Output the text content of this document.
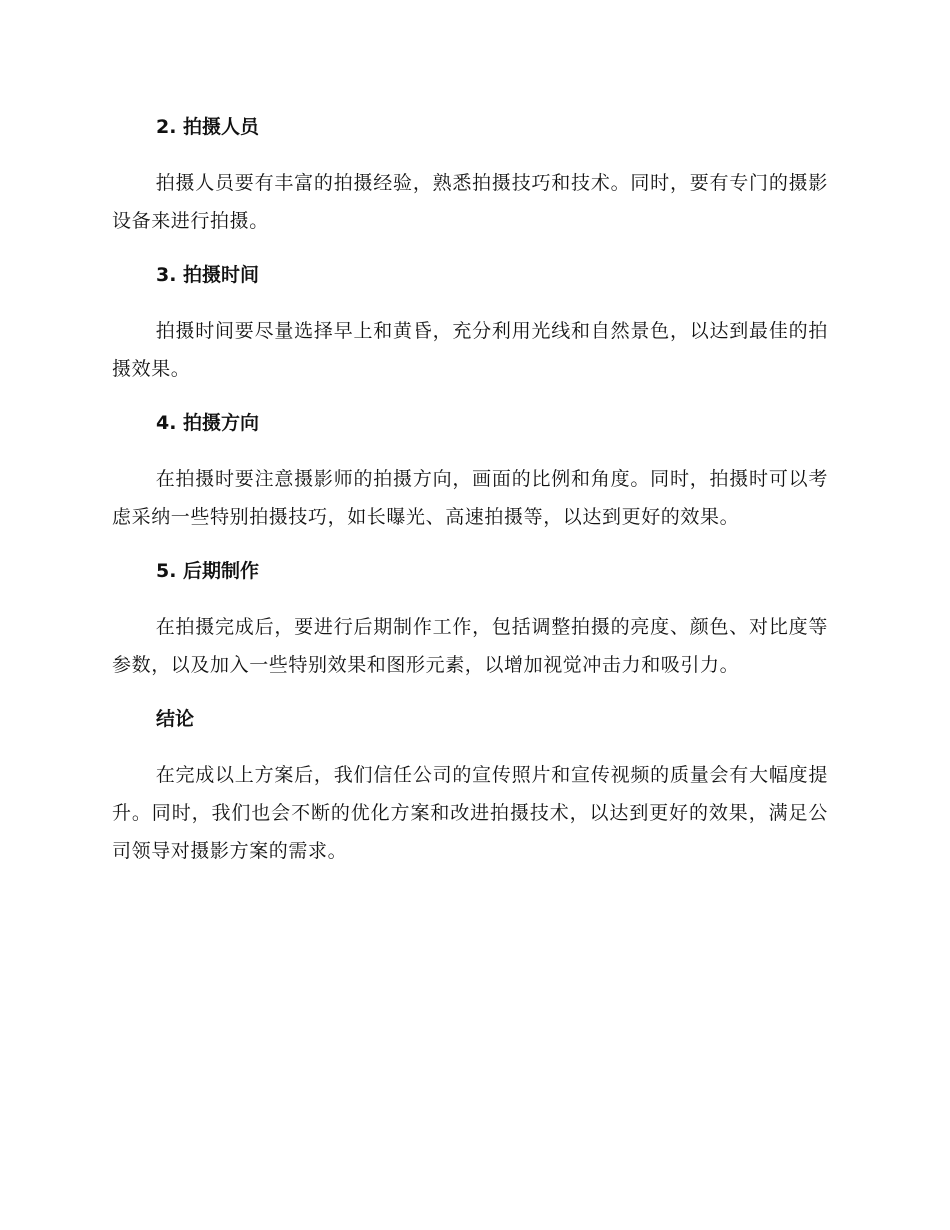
2. 拍摄人员

拍摄人员要有丰富的拍摄经验，熟悉拍摄技巧和技术。同时，要有专门的摄影设备来进行拍摄。

3. 拍摄时间

拍摄时间要尽量选择早上和黄昏，充分利用光线和自然景色，以达到最佳的拍摄效果。

4. 拍摄方向

在拍摄时要注意摄影师的拍摄方向，画面的比例和角度。同时，拍摄时可以考虑采纳一些特别拍摄技巧，如长曝光、高速拍摄等，以达到更好的效果。

5. 后期制作

在拍摄完成后，要进行后期制作工作，包括调整拍摄的亮度、颜色、对比度等参数，以及加入一些特别效果和图形元素，以增加视觉冲击力和吸引力。

结论

在完成以上方案后，我们信任公司的宣传照片和宣传视频的质量会有大幅度提升。同时，我们也会不断的优化方案和改进拍摄技术，以达到更好的效果，满足公司领导对摄影方案的需求。
